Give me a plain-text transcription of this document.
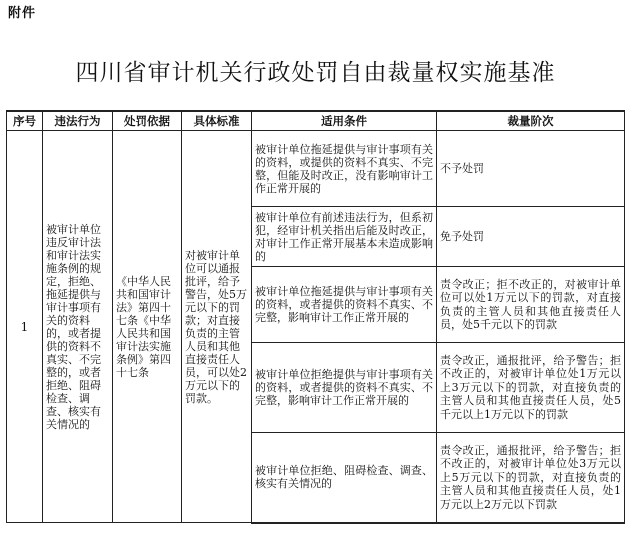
附件
四川省审计机关行政处罚自由裁量权实施基准
序号	违法行为	处罚依据	具体标准	适用条件	裁量阶次
1	被审计单位违反审计法和审计法实施条例的规定，拒绝、拖延提供与审计事项有关的资料的，或者提供的资料不真实、不完整的，或者拒绝、阻碍检查、调查、核实有关情况的	《中华人民共和国审计法》第四十七条《中华人民共和国审计法实施条例》第四十七条	对被审计单位可以通报批评，给予警告，处5万元以下的罚款；对直接负责的主管人员和其他直接责任人员，可以处2万元以下的罚款。	被审计单位拖延提供与审计事项有关的资料，或提供的资料不真实、不完整，但能及时改正，没有影响审计工作正常开展的	不予处罚
				被审计单位有前述违法行为，但系初犯，经审计机关指出后能及时改正，对审计工作正常开展基本未造成影响的	免予处罚
				被审计单位拖延提供与审计事项有关的资料，或者提供的资料不真实、不完整，影响审计工作正常开展的	责令改正；拒不改正的，对被审计单位可以处1万元以下的罚款，对直接负责的主管人员和其他直接责任人员，处5千元以下的罚款
				被审计单位拒绝提供与审计事项有关的资料，或者提供的资料不真实、不完整，影响审计工作正常开展的	责令改正，通报批评，给予警告；拒不改正的，对被审计单位处1万元以上3万元以下的罚款，对直接负责的主管人员和其他直接责任人员，处5千元以上1万元以下的罚款
				被审计单位拒绝、阻碍检查、调查、核实有关情况的	责令改正，通报批评，给予警告；拒不改正的，对被审计单位处3万元以上5万元以下的罚款，对直接负责的主管人员和其他直接责任人员，处1万元以上2万元以下罚款
